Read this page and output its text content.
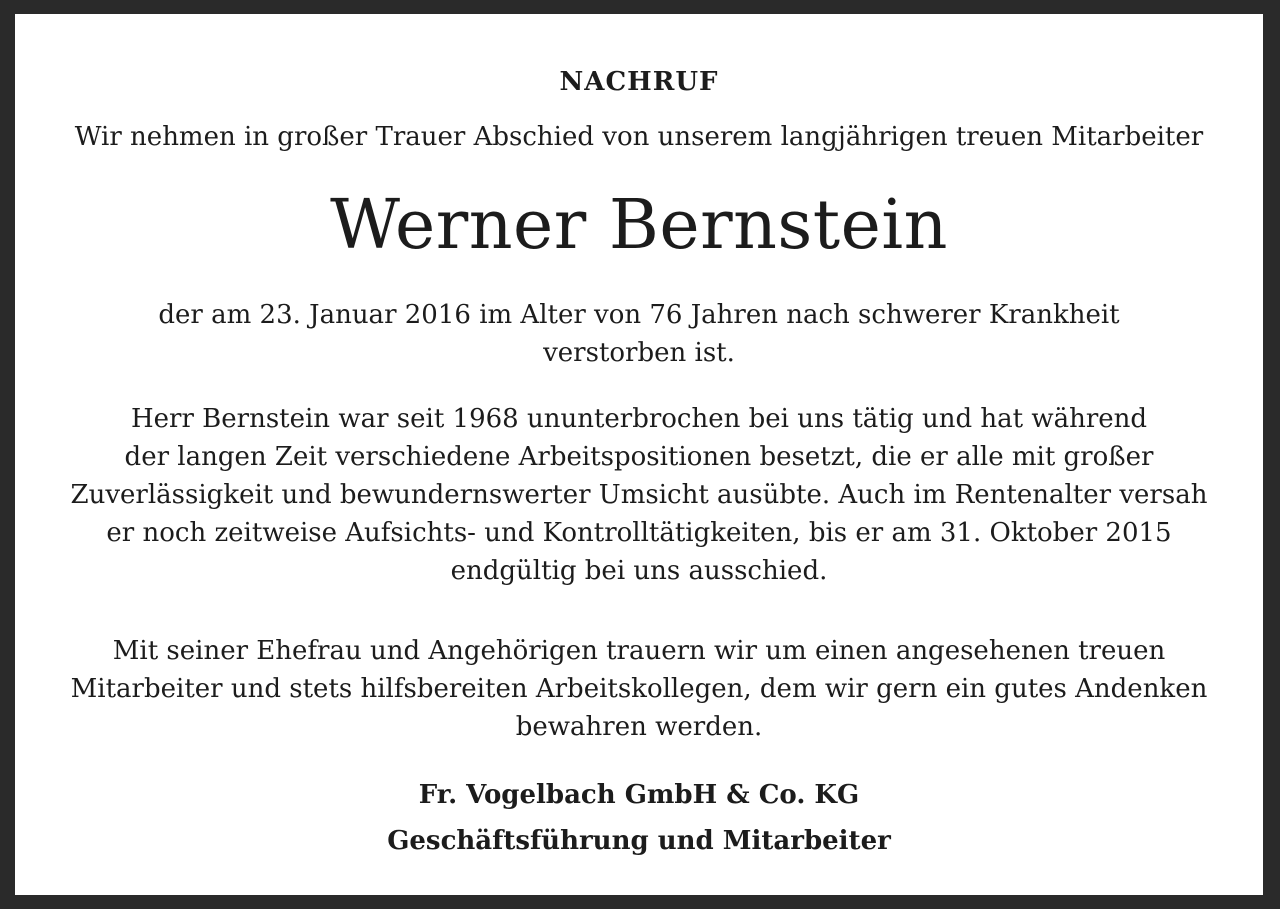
NACHRUF
Wir nehmen in großer Trauer Abschied von unserem langjährigen treuen Mitarbeiter
Werner Bernstein
der am 23. Januar 2016 im Alter von 76 Jahren nach schwerer Krankheit
verstorben ist.
Herr Bernstein war seit 1968 ununterbrochen bei uns tätig und hat während
der langen Zeit verschiedene Arbeitspositionen besetzt, die er alle mit großer
Zuverlässigkeit und bewundernswerter Umsicht ausübte. Auch im Rentenalter versah
er noch zeitweise Aufsichts- und Kontrolltätigkeiten, bis er am 31. Oktober 2015
endgültig bei uns ausschied.
Mit seiner Ehefrau und Angehörigen trauern wir um einen angesehenen treuen
Mitarbeiter und stets hilfsbereiten Arbeitskollegen, dem wir gern ein gutes Andenken
bewahren werden.
Fr. Vogelbach GmbH & Co. KG
Geschäftsführung und Mitarbeiter
